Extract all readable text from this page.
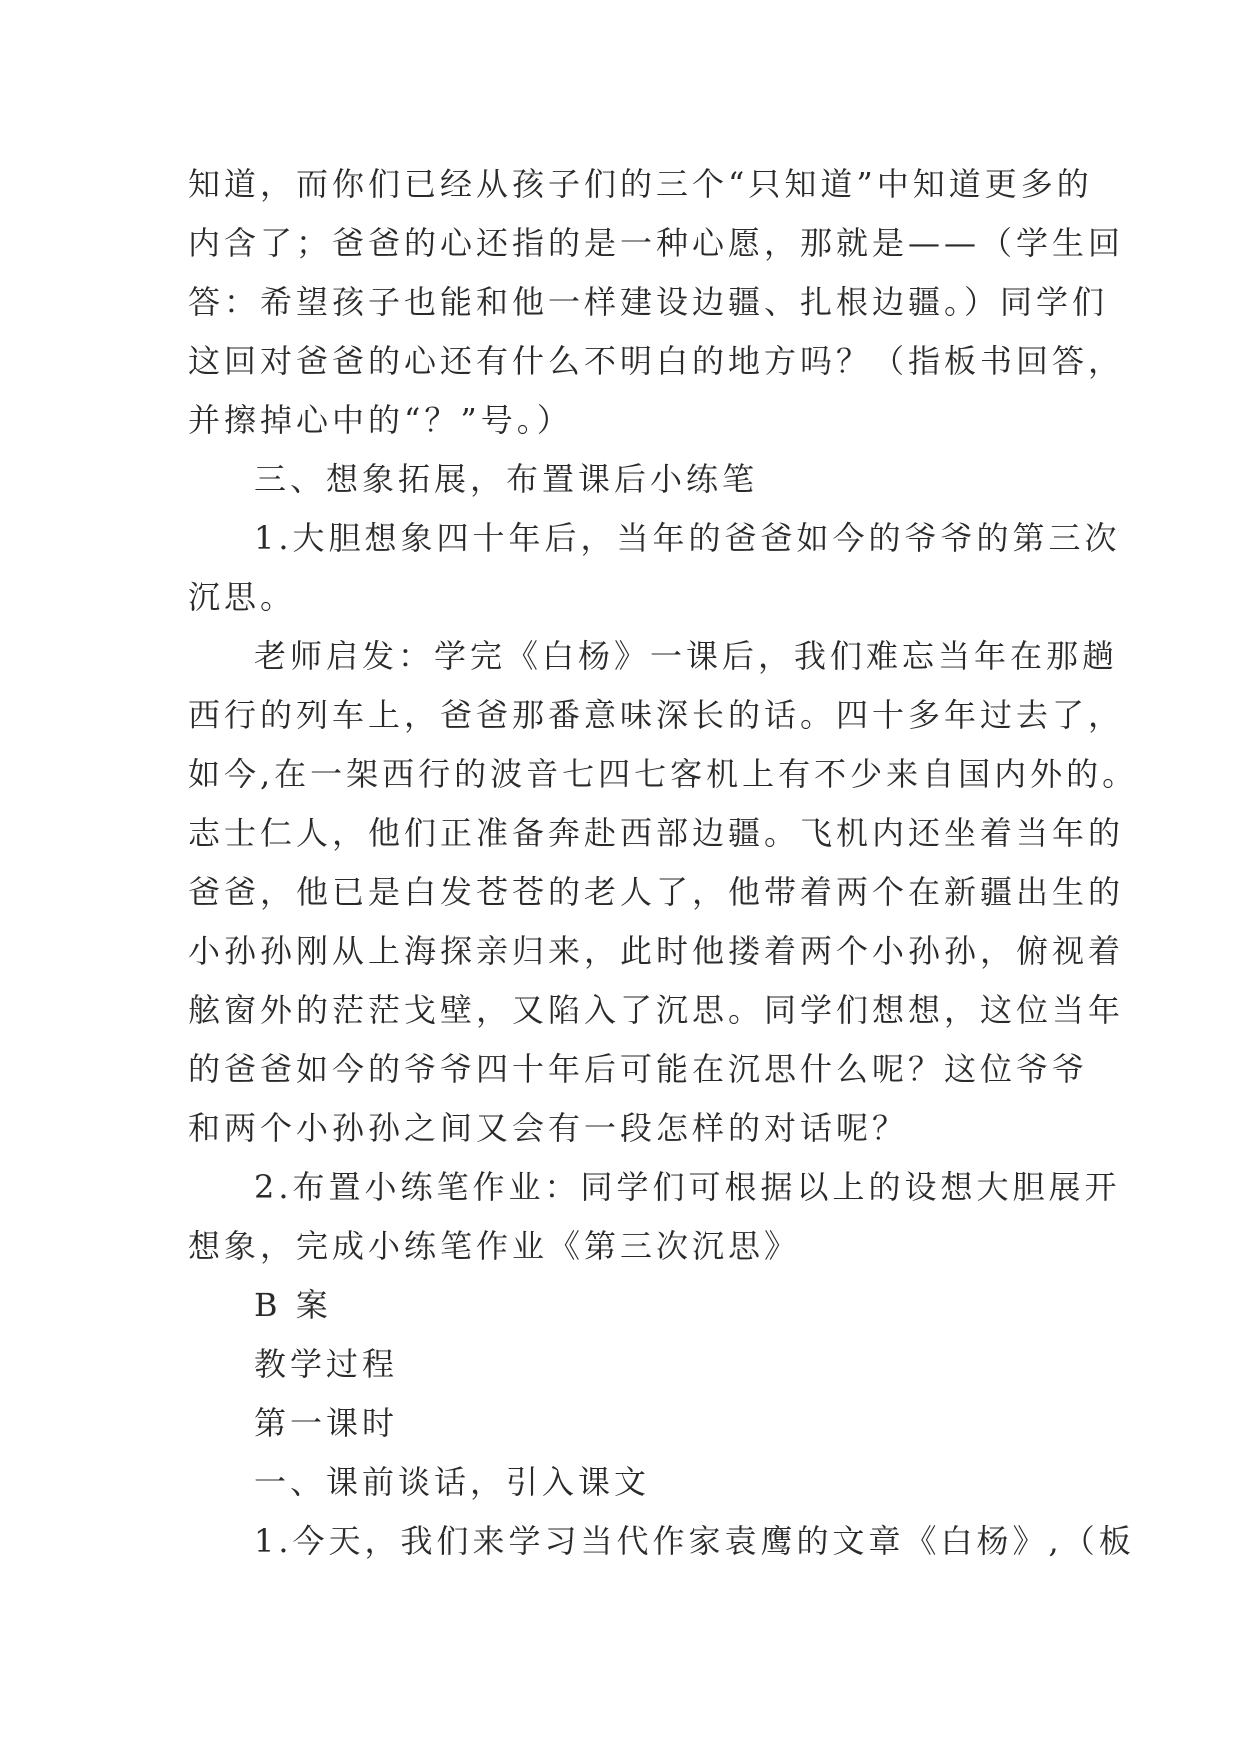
知道，而你们已经从孩子们的三个“只知道”中知道更多的
内含了；爸爸的心还指的是一种心愿，那就是——（学生回
答：希望孩子也能和他一样建设边疆、扎根边疆。）同学们
这回对爸爸的心还有什么不明白的地方吗？（指板书回答，
并擦掉心中的“？”号。）
三、想象拓展，布置课后小练笔
1.大胆想象四十年后，当年的爸爸如今的爷爷的第三次
沉思。
老师启发：学完《白杨》一课后，我们难忘当年在那趟
西行的列车上，爸爸那番意味深长的话。四十多年过去了，
如今,在一架西行的波音七四七客机上有不少来自国内外的。
志士仁人，他们正准备奔赴西部边疆。飞机内还坐着当年的
爸爸，他已是白发苍苍的老人了，他带着两个在新疆出生的
小孙孙刚从上海探亲归来，此时他搂着两个小孙孙，俯视着
舷窗外的茫茫戈壁，又陷入了沉思。同学们想想，这位当年
的爸爸如今的爷爷四十年后可能在沉思什么呢？这位爷爷
和两个小孙孙之间又会有一段怎样的对话呢？
2.布置小练笔作业：同学们可根据以上的设想大胆展开
想象，完成小练笔作业《第三次沉思》
B 案
教学过程
第一课时
一、课前谈话，引入课文
1.今天，我们来学习当代作家袁鹰的文章《白杨》,（板
